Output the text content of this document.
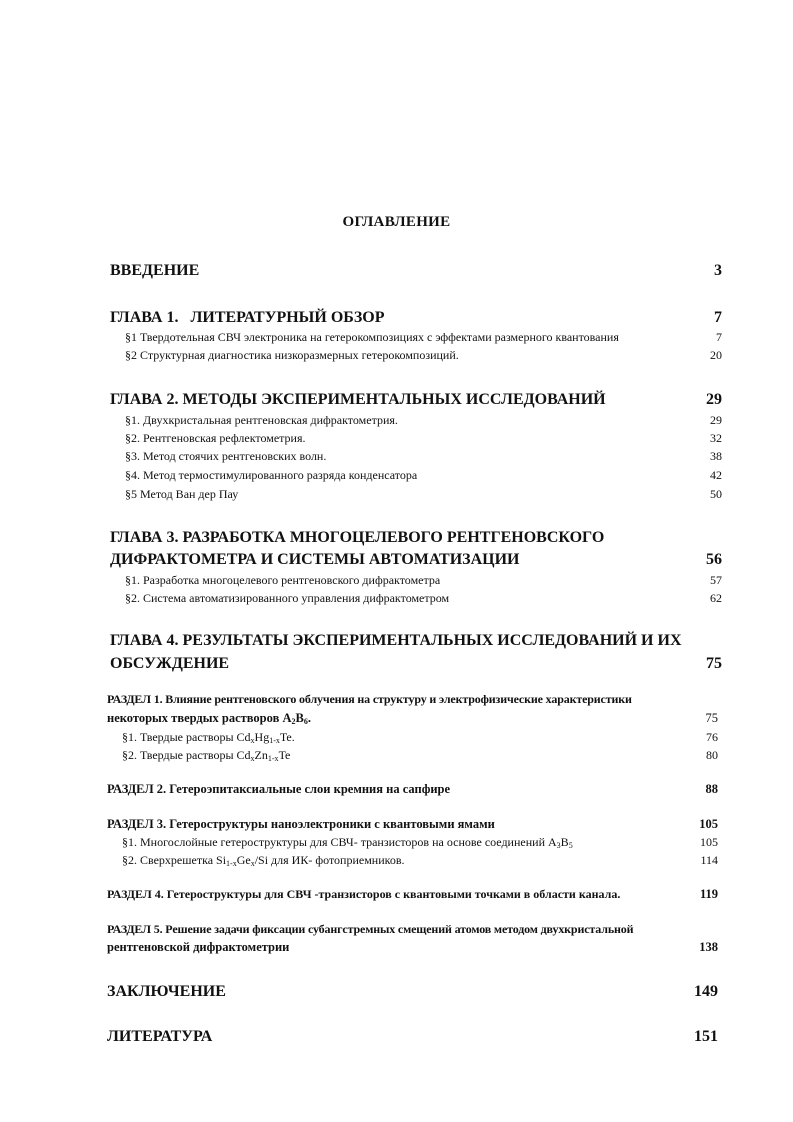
ОГЛАВЛЕНИЕ
ВВЕДЕНИЕ	3
ГЛАВА 1.   ЛИТЕРАТУРНЫЙ ОБЗОР	7
§1 Твердотельная СВЧ электроника на гетерокомпозициях с эффектами размерного квантования	7
§2 Структурная диагностика низкоразмерных гетерокомпозиций.	20
ГЛАВА 2. МЕТОДЫ ЭКСПЕРИМЕНТАЛЬНЫХ ИССЛЕДОВАНИЙ	29
§1. Двухкристальная рентгеновская дифрактометрия.	29
§2. Рентгеновская рефлектометрия.	32
§3. Метод стоячих рентгеновских волн.	38
§4. Метод термостимулированного разряда конденсатора	42
§5 Метод Ван дер Пау	50
ГЛАВА 3. РАЗРАБОТКА МНОГОЦЕЛЕВОГО РЕНТГЕНОВСКОГО
ДИФРАКТОМЕТРА И СИСТЕМЫ АВТОМАТИЗАЦИИ	56
§1. Разработка многоцелевого рентгеновского дифрактометра	57
§2. Система автоматизированного управления дифрактометром	62
ГЛАВА 4. РЕЗУЛЬТАТЫ ЭКСПЕРИМЕНТАЛЬНЫХ ИССЛЕДОВАНИЙ И ИХ
ОБСУЖДЕНИЕ	75
РАЗДЕЛ 1. Влияние рентгеновского облучения на структуру и электрофизические характеристики
некоторых твердых растворов $A_2B_6$.	75
§1. Твердые растворы $Cd_xHg_{1-x}Te$.	76
§2. Твердые растворы $Cd_xZn_{1-x}Te$	80
РАЗДЕЛ 2. Гетероэпитаксиальные слои кремния на сапфире	88
РАЗДЕЛ 3. Гетероструктуры наноэлектроники с квантовыми ямами	105
§1. Многослойные гетероструктуры для СВЧ- транзисторов на основе соединений $A_3B_5$	105
§2. Сверхрешетка $Si_{1-x}Ge_x/Si$ для ИК- фотоприемников.	114
РАЗДЕЛ 4. Гетероструктуры для СВЧ -транзисторов с квантовыми точками в области канала.	119
РАЗДЕЛ 5. Решение задачи фиксации субангстремных смещений атомов методом двухкристальной
рентгеновской дифрактометрии	138
ЗАКЛЮЧЕНИЕ	149
ЛИТЕРАТУРА	151
